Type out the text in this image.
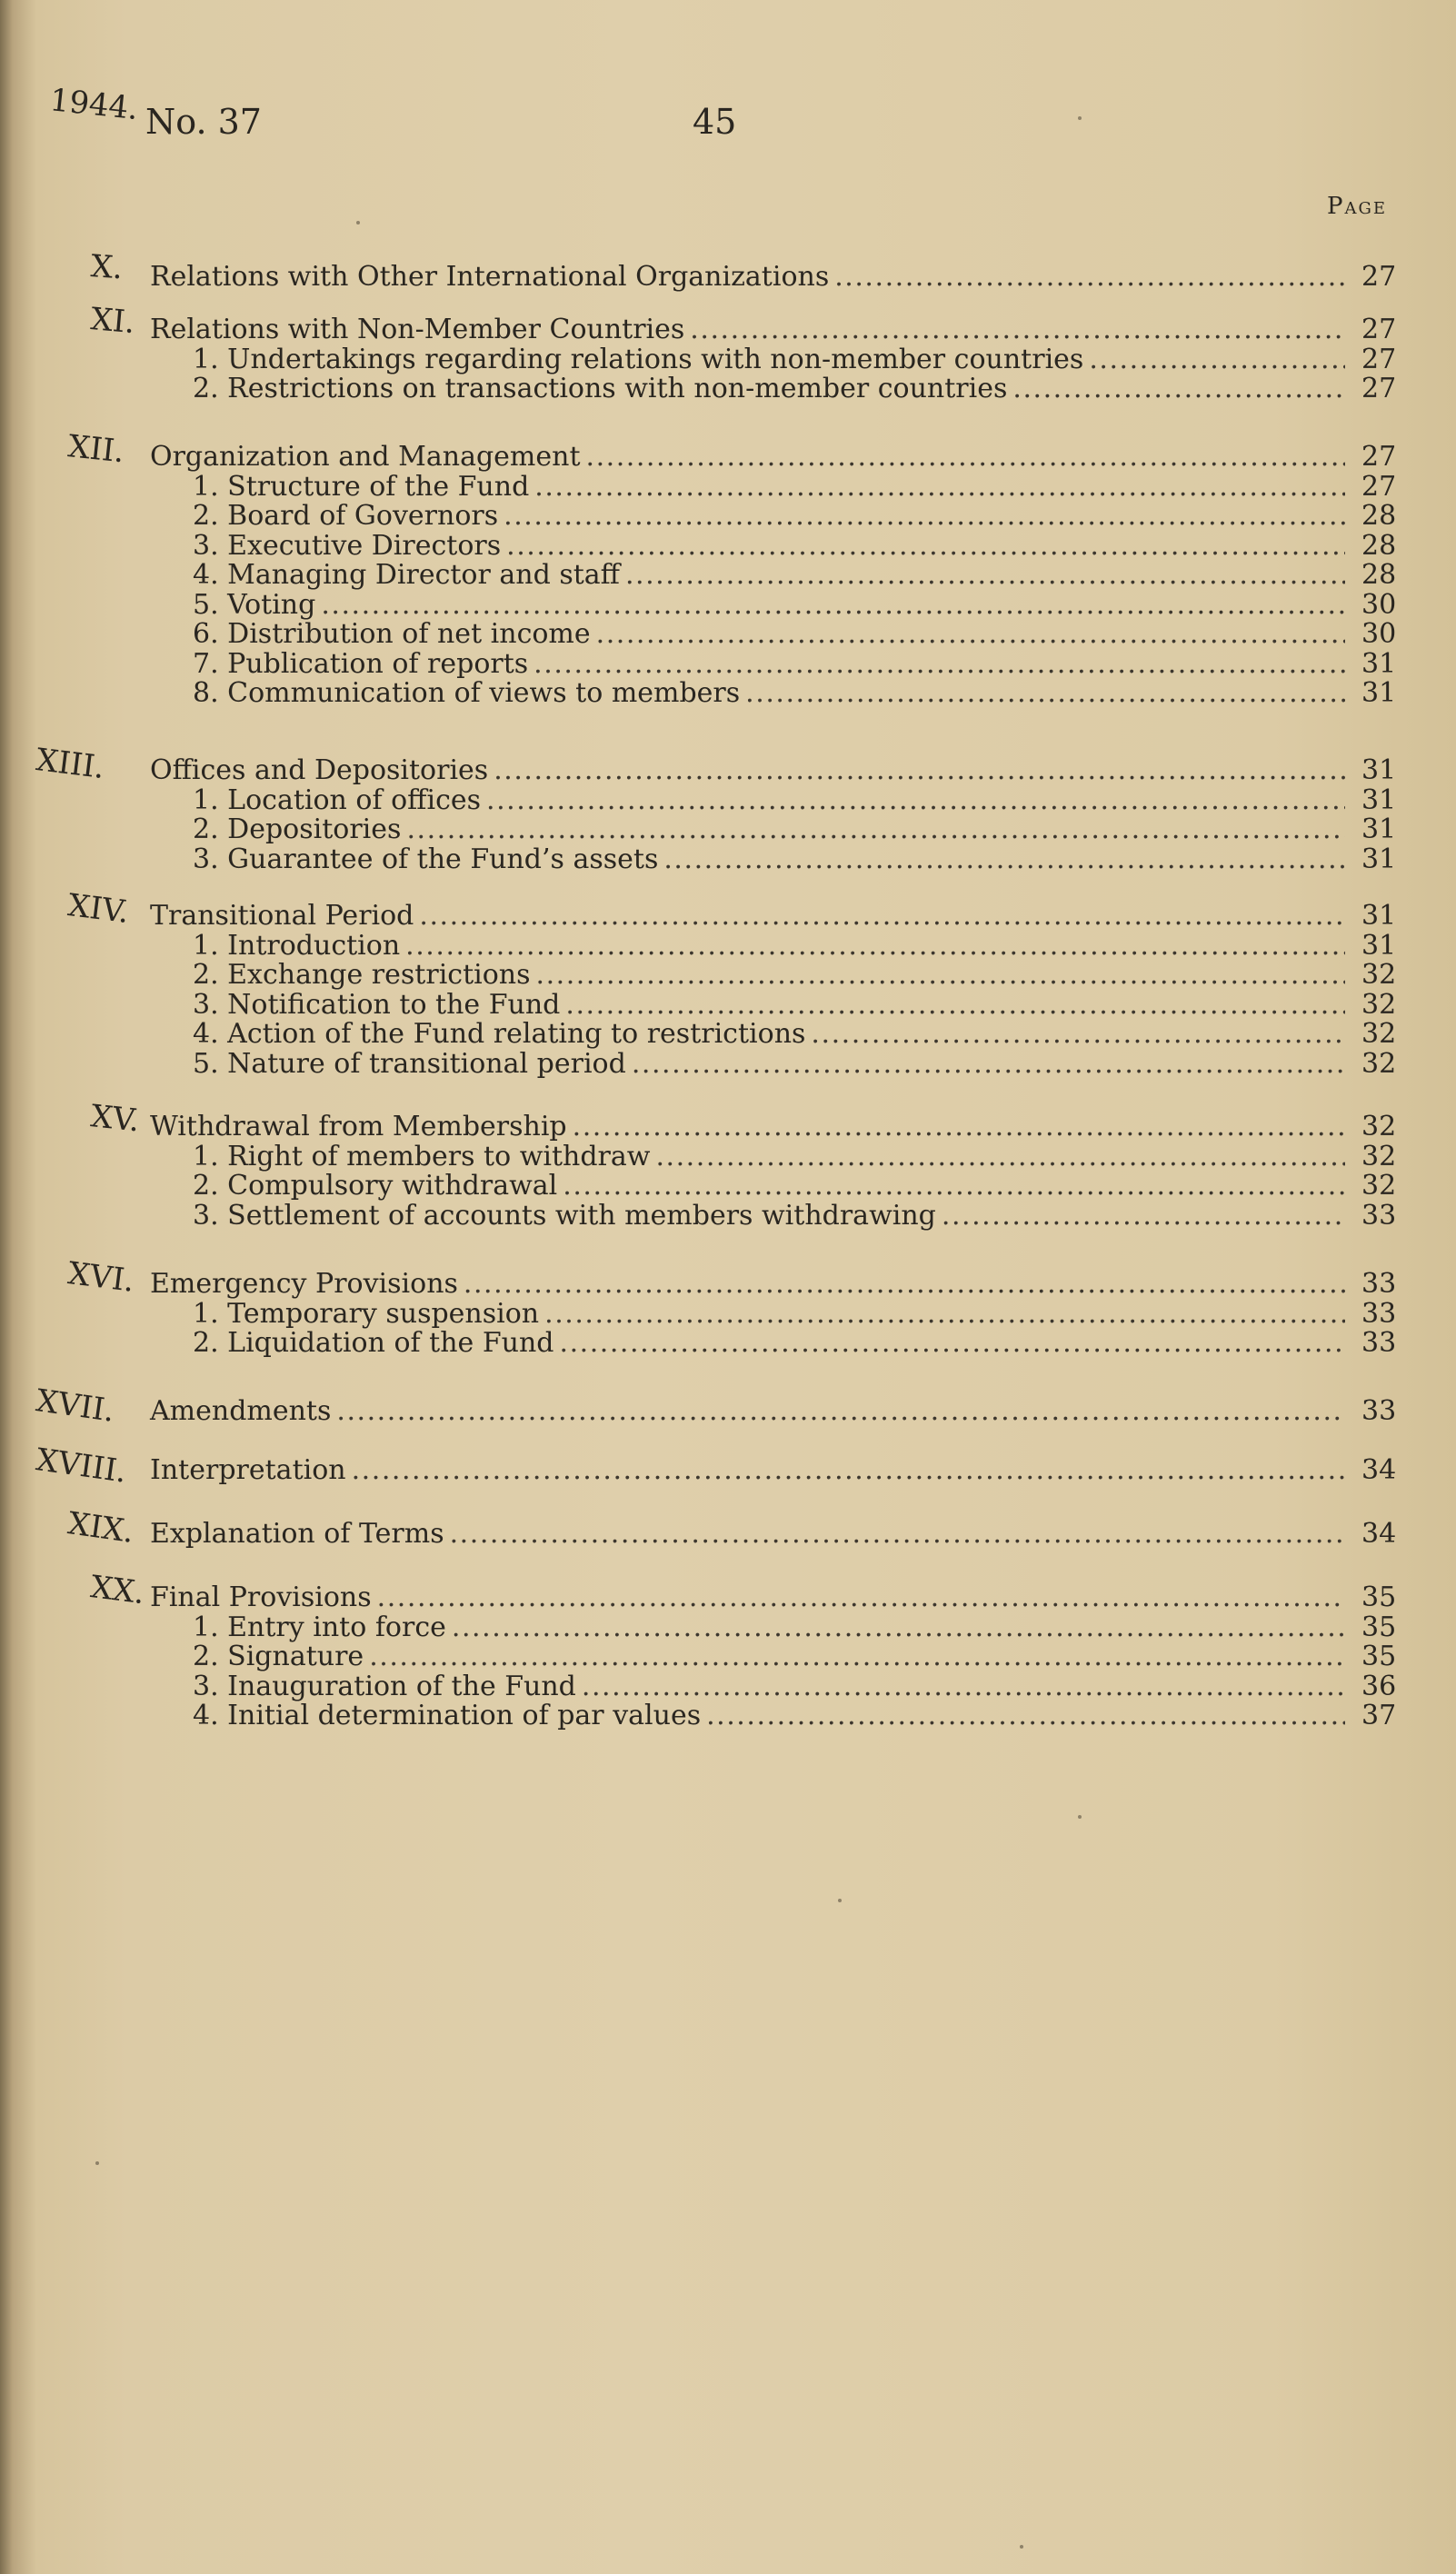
1944. No. 37	45
Page
X. Relations with Other International Organizations . . .	27
XI. Relations with Non-Member Countries . . .	27
1. Undertakings regarding relations with non-member countries . . .	27
2. Restrictions on transactions with non-member countries . . .	27
XII. Organization and Management . . .	27
1. Structure of the Fund . . .	27
2. Board of Governors . . .	28
3. Executive Directors . . .	28
4. Managing Director and staff . . .	28
5. Voting . . .	30
6. Distribution of net income . . .	30
7. Publication of reports . . .	31
8. Communication of views to members . . .	31
XIII. Offices and Depositories . . .	31
1. Location of offices . . .	31
2. Depositories . . .	31
3. Guarantee of the Fund’s assets . . .	31
XIV. Transitional Period . . .	31
1. Introduction . . .	31
2. Exchange restrictions . . .	32
3. Notification to the Fund . . .	32
4. Action of the Fund relating to restrictions . . .	32
5. Nature of transitional period . . .	32
XV. Withdrawal from Membership . . .	32
1. Right of members to withdraw . . .	32
2. Compulsory withdrawal . . .	32
3. Settlement of accounts with members withdrawing . . .	33
XVI. Emergency Provisions . . .	33
1. Temporary suspension . . .	33
2. Liquidation of the Fund . . .	33
XVII. Amendments . . .	33
XVIII. Interpretation . . .	34
XIX. Explanation of Terms . . .	34
XX. Final Provisions . . .	35
1. Entry into force . . .	35
2. Signature . . .	35
3. Inauguration of the Fund . . .	36
4. Initial determination of par values . . .	37
